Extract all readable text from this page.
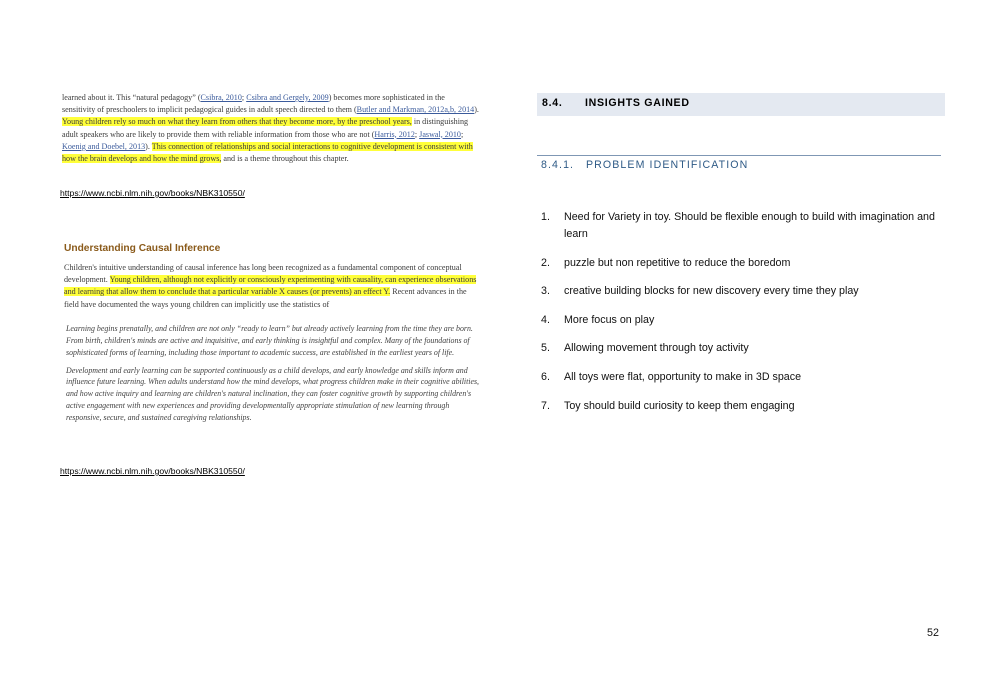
learned about it. This “natural pedagogy” (Csibra, 2010; Csibra and Gergely, 2009) becomes more sophisticated in the sensitivity of preschoolers to implicit pedagogical guides in adult speech directed to them (Butler and Markman, 2012a,b, 2014). Young children rely so much on what they learn from others that they become more, by the preschool years, in distinguishing adult speakers who are likely to provide them with reliable information from those who are not (Harris, 2012; Jaswal, 2010; Koenig and Doebel, 2013). This connection of relationships and social interactions to cognitive development is consistent with how the brain develops and how the mind grows, and is a theme throughout this chapter.

https://www.ncbi.nlm.nih.gov/books/NBK310550/
Understanding Causal Inference

Children's intuitive understanding of causal inference has long been recognized as a fundamental component of conceptual development. Young children, although not explicitly or consciously experimenting with causality, can experience observations and learning that allow them to conclude that a particular variable X causes (or prevents) an effect Y. Recent advances in the field have documented the ways young children can implicitly use the statistics of

Learning begins prenatally, and children are not only “ready to learn” but already actively learning from the time they are born. From birth, children's minds are active and inquisitive, and early thinking is insightful and complex. Many of the foundations of sophisticated forms of learning, including those important to academic success, are established in the earliest years of life.

Development and early learning can be supported continuously as a child develops, and early knowledge and skills inform and influence future learning. When adults understand how the mind develops, what progress children make in their cognitive abilities, and how active inquiry and learning are children's natural inclination, they can foster cognitive growth by supporting children's active engagement with new experiences and providing developmentally appropriate stimulation of new learning through responsive, secure, and sustained caregiving relationships.

https://www.ncbi.nlm.nih.gov/books/NBK310550/
8.4. INSIGHTS GAINED
8.4.1. PROBLEM IDENTIFICATION
1. Need for Variety in toy. Should be flexible enough to build with imagination and learn
2. puzzle but non repetitive to reduce the boredom
3. creative building blocks for new discovery every time they play
4. More focus on play
5. Allowing movement through toy activity
6. All toys were flat, opportunity to make in 3D space
7. Toy should build curiosity to keep them engaging
52
